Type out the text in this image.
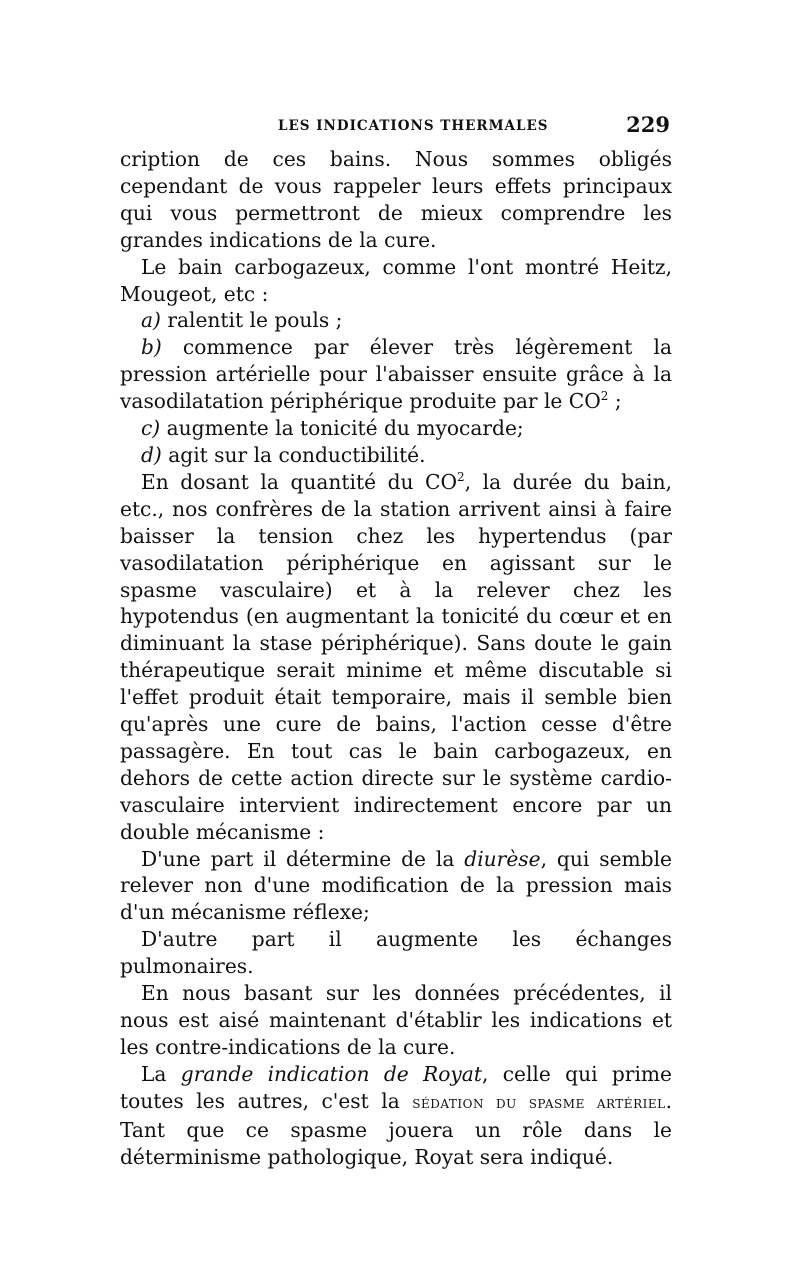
LES INDICATIONS THERMALES	229

cription de ces bains. Nous sommes obligés cependant de vous rappeler leurs effets principaux qui vous permettront de mieux comprendre les grandes indications de la cure.

Le bain carbogazeux, comme l'ont montré Heitz, Mougeot, etc :

a) ralentit le pouls ;

b) commence par élever très légèrement la pression artérielle pour l'abaisser ensuite grâce à la vasodilatation périphérique produite par le $CO^2$ ;

c) augmente la tonicité du myocarde;

d) agit sur la conductibilité.

En dosant la quantité du $CO^2$, la durée du bain, etc., nos confrères de la station arrivent ainsi à faire baisser la tension chez les hypertendus (par vasodilatation périphérique en agissant sur le spasme vasculaire) et à la relever chez les hypotendus (en augmentant la tonicité du cœur et en diminuant la stase périphérique). Sans doute le gain thérapeutique serait minime et même discutable si l'effet produit était temporaire, mais il semble bien qu'après une cure de bains, l'action cesse d'être passagère. En tout cas le bain carbogazeux, en dehors de cette action directe sur le système cardio-vasculaire intervient indirectement encore par un double mécanisme :

D'une part il détermine de la diurèse, qui semble relever non d'une modification de la pression mais d'un mécanisme réflexe;

D'autre part il augmente les échanges pulmonaires.

En nous basant sur les données précédentes, il nous est aisé maintenant d'établir les indications et les contre-indications de la cure.

La grande indication de Royat, celle qui prime toutes les autres, c'est la sédation du spasme artériel. Tant que ce spasme jouera un rôle dans le déterminisme pathologique, Royat sera indiqué.
